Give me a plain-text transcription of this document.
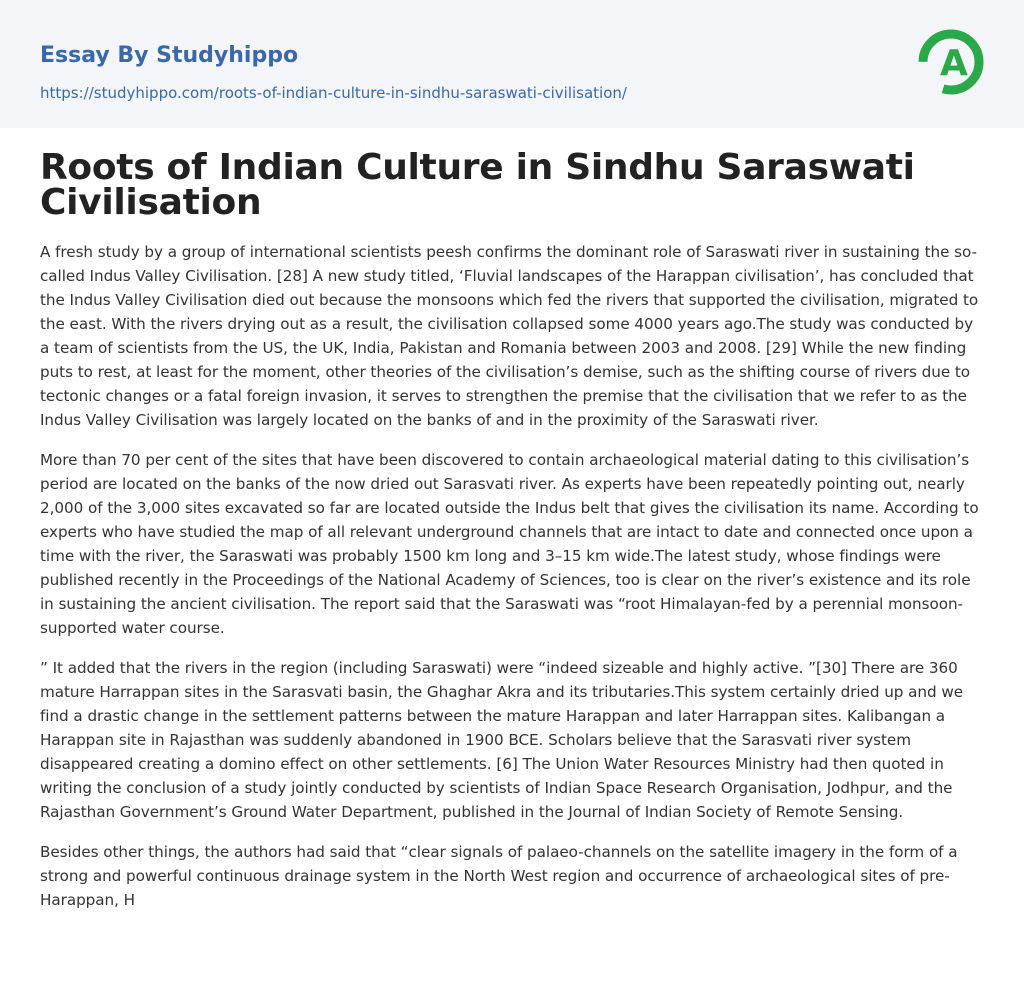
Essay By Studyhippo
https://studyhippo.com/roots-of-indian-culture-in-sindhu-saraswati-civilisation/
A
Roots of Indian Culture in Sindhu Saraswati Civilisation

A fresh study by a group of international scientists peesh confirms the dominant role of Saraswati river in sustaining the so-called Indus Valley Civilisation. [28] A new study titled, ‘Fluvial landscapes of the Harappan civilisation’, has concluded that the Indus Valley Civilisation died out because the monsoons which fed the rivers that supported the civilisation, migrated to the east. With the rivers drying out as a result, the civilisation collapsed some 4000 years ago.The study was conducted by a team of scientists from the US, the UK, India, Pakistan and Romania between 2003 and 2008. [29] While the new finding puts to rest, at least for the moment, other theories of the civilisation’s demise, such as the shifting course of rivers due to tectonic changes or a fatal foreign invasion, it serves to strengthen the premise that the civilisation that we refer to as the Indus Valley Civilisation was largely located on the banks of and in the proximity of the Saraswati river.

More than 70 per cent of the sites that have been discovered to contain archaeological material dating to this civilisation’s period are located on the banks of the now dried out Sarasvati river. As experts have been repeatedly pointing out, nearly 2,000 of the 3,000 sites excavated so far are located outside the Indus belt that gives the civilisation its name. According to experts who have studied the map of all relevant underground channels that are intact to date and connected once upon a time with the river, the Saraswati was probably 1500 km long and 3–15 km wide.The latest study, whose findings were published recently in the Proceedings of the National Academy of Sciences, too is clear on the river’s existence and its role in sustaining the ancient civilisation. The report said that the Saraswati was “root Himalayan-fed by a perennial monsoon-supported water course.

” It added that the rivers in the region (including Saraswati) were “indeed sizeable and highly active. ”[30] There are 360 mature Harrappan sites in the Sarasvati basin, the Ghaghar Akra and its tributaries.This system certainly dried up and we find a drastic change in the settlement patterns between the mature Harappan and later Harrappan sites. Kalibangan a Harappan site in Rajasthan was suddenly abandoned in 1900 BCE. Scholars believe that the Sarasvati river system disappeared creating a domino effect on other settlements. [6] The Union Water Resources Ministry had then quoted in writing the conclusion of a study jointly conducted by scientists of Indian Space Research Organisation, Jodhpur, and the Rajasthan Government’s Ground Water Department, published in the Journal of Indian Society of Remote Sensing.

Besides other things, the authors had said that “clear signals of palaeo-channels on the satellite imagery in the form of a strong and powerful continuous drainage system in the North West region and occurrence of archaeological sites of pre-Harappan, H
